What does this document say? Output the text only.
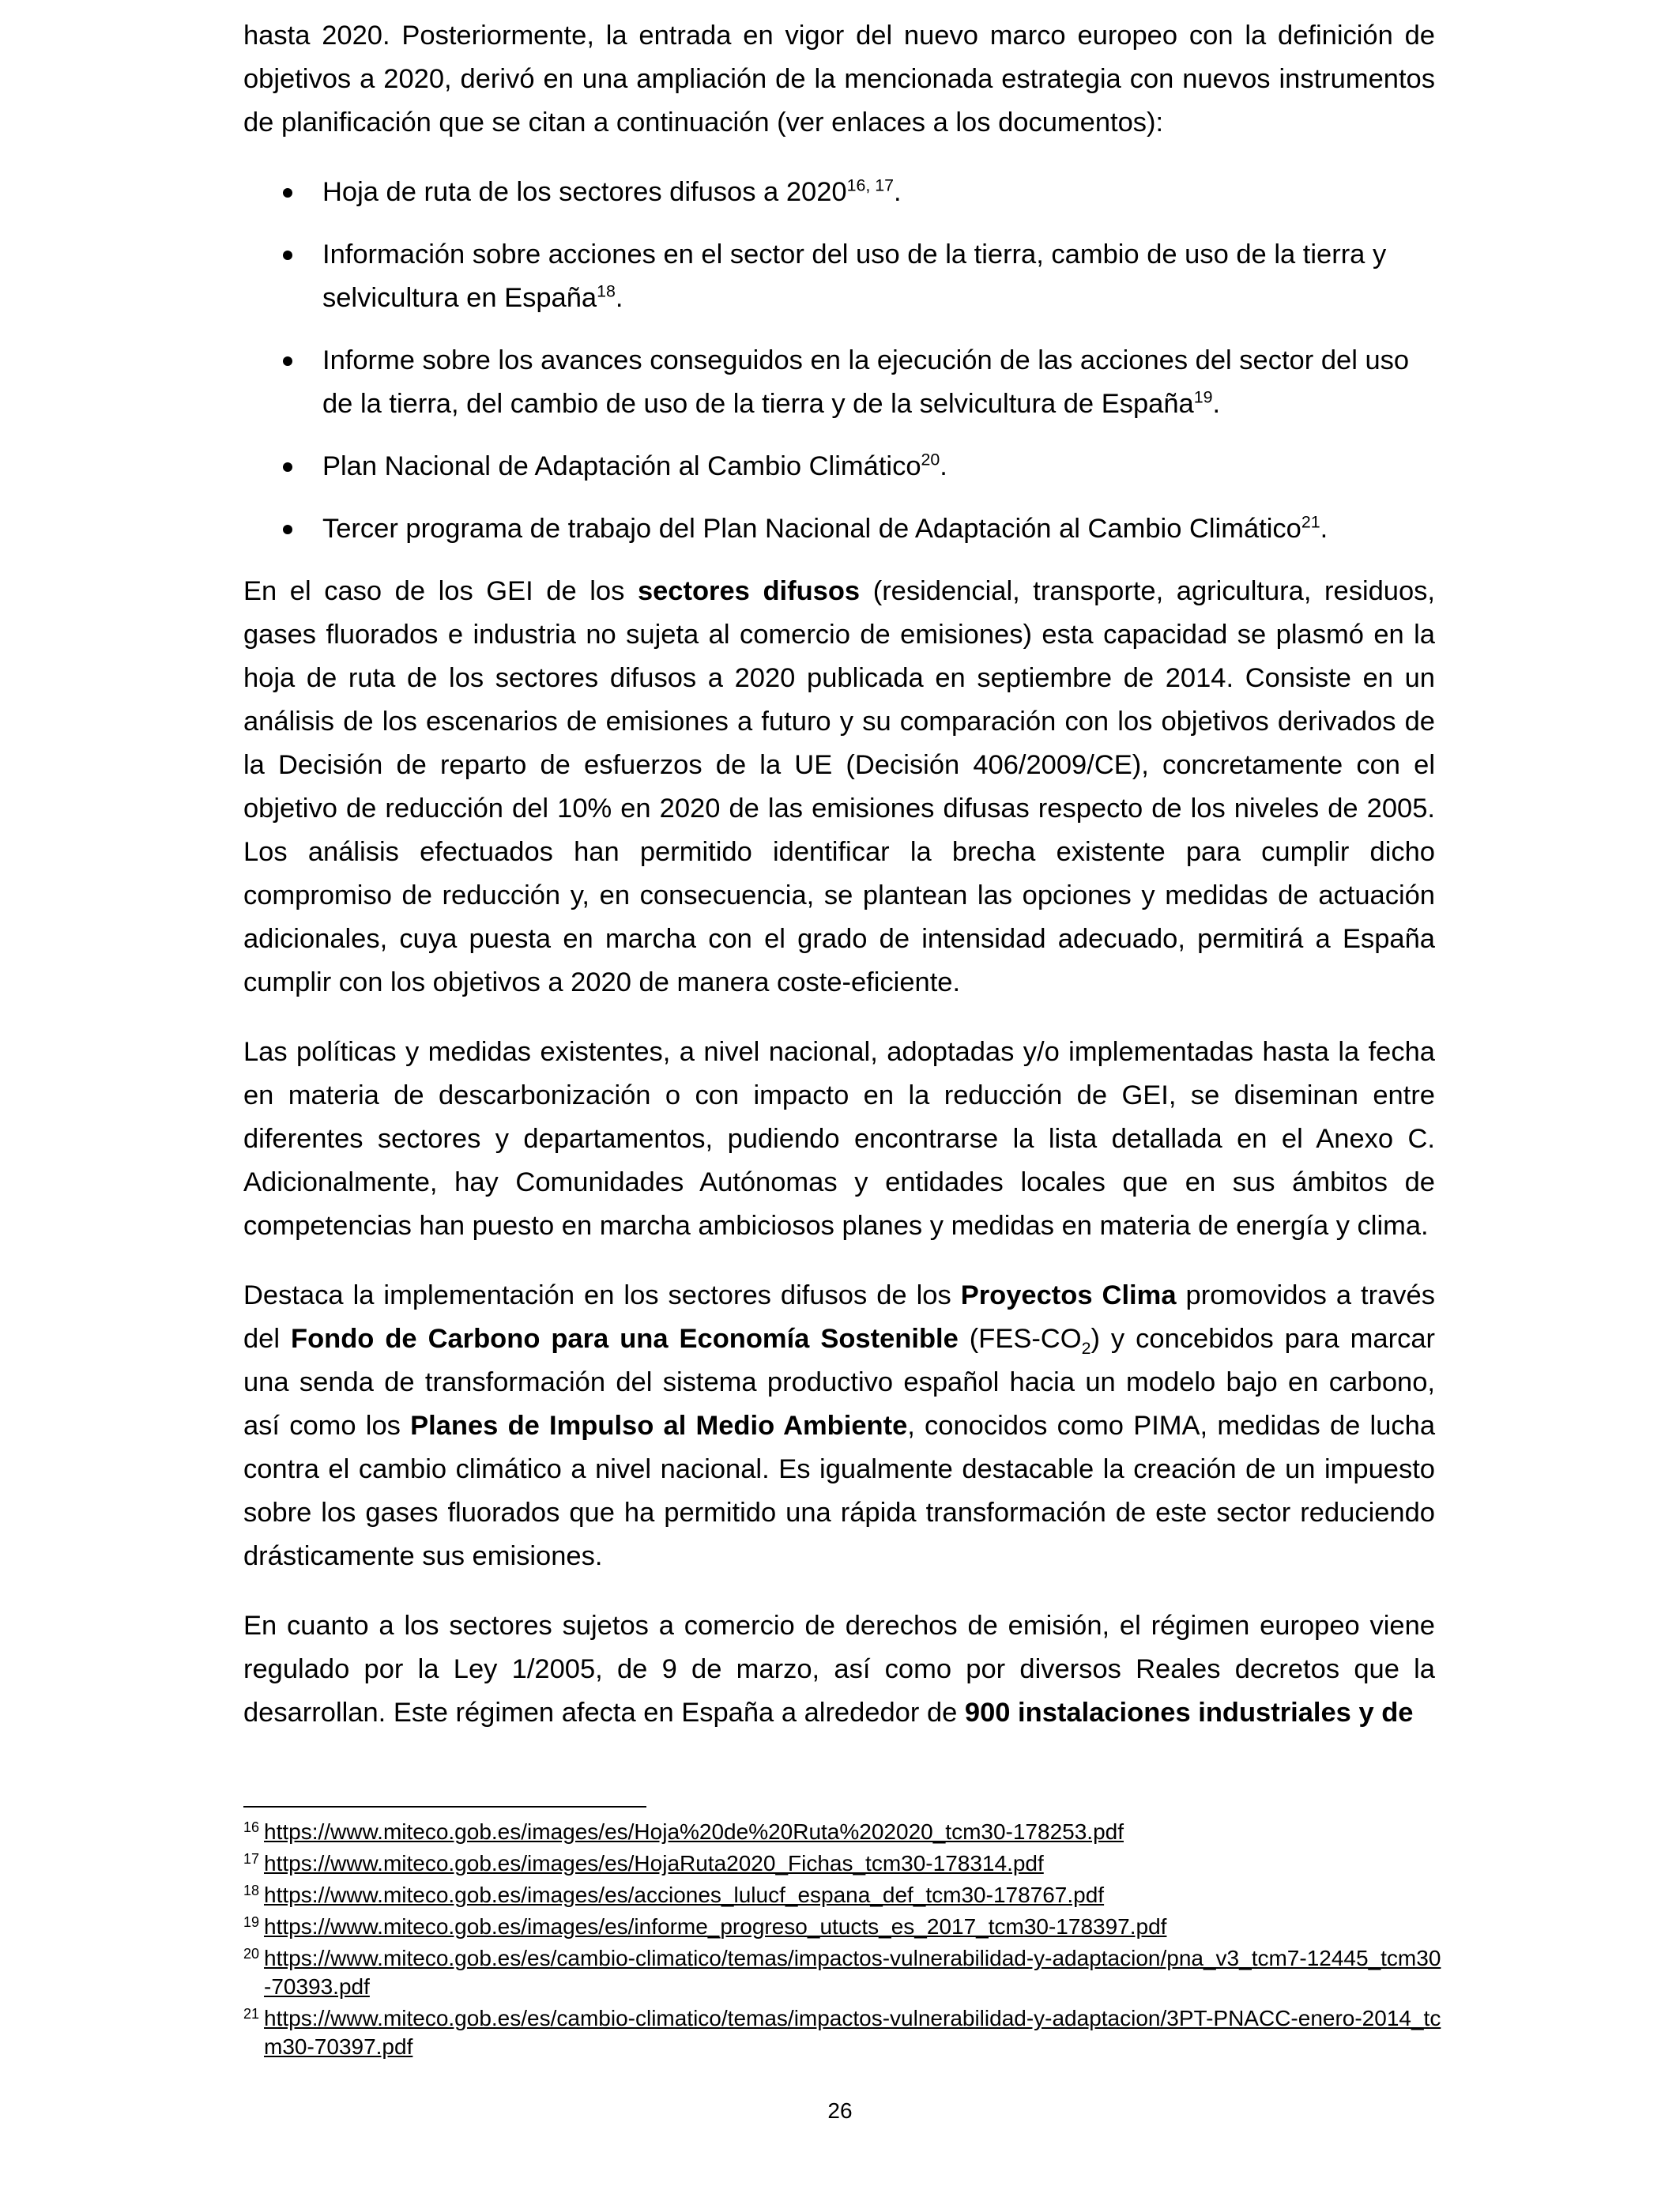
hasta 2020. Posteriormente, la entrada en vigor del nuevo marco europeo con la definición de objetivos a 2020, derivó en una ampliación de la mencionada estrategia con nuevos instrumentos de planificación que se citan a continuación (ver enlaces a los documentos):

Hoja de ruta de los sectores difusos a 2020$^{16, 17}$.
Información sobre acciones en el sector del uso de la tierra, cambio de uso de la tierra y selvicultura en España$^{18}$.
Informe sobre los avances conseguidos en la ejecución de las acciones del sector del uso de la tierra, del cambio de uso de la tierra y de la selvicultura de España$^{19}$.
Plan Nacional de Adaptación al Cambio Climático$^{20}$.
Tercer programa de trabajo del Plan Nacional de Adaptación al Cambio Climático$^{21}$.

En el caso de los GEI de los sectores difusos (residencial, transporte, agricultura, residuos, gases fluorados e industria no sujeta al comercio de emisiones) esta capacidad se plasmó en la hoja de ruta de los sectores difusos a 2020 publicada en septiembre de 2014. Consiste en un análisis de los escenarios de emisiones a futuro y su comparación con los objetivos derivados de la Decisión de reparto de esfuerzos de la UE (Decisión 406/2009/CE), concretamente con el objetivo de reducción del 10% en 2020 de las emisiones difusas respecto de los niveles de 2005. Los análisis efectuados han permitido identificar la brecha existente para cumplir dicho compromiso de reducción y, en consecuencia, se plantean las opciones y medidas de actuación adicionales, cuya puesta en marcha con el grado de intensidad adecuado, permitirá a España cumplir con los objetivos a 2020 de manera coste-eficiente.

Las políticas y medidas existentes, a nivel nacional, adoptadas y/o implementadas hasta la fecha en materia de descarbonización o con impacto en la reducción de GEI, se diseminan entre diferentes sectores y departamentos, pudiendo encontrarse la lista detallada en el Anexo C. Adicionalmente, hay Comunidades Autónomas y entidades locales que en sus ámbitos de competencias han puesto en marcha ambiciosos planes y medidas en materia de energía y clima.

Destaca la implementación en los sectores difusos de los Proyectos Clima promovidos a través del Fondo de Carbono para una Economía Sostenible $(FES-CO_2)$ y concebidos para marcar una senda de transformación del sistema productivo español hacia un modelo bajo en carbono, así como los Planes de Impulso al Medio Ambiente, conocidos como PIMA, medidas de lucha contra el cambio climático a nivel nacional. Es igualmente destacable la creación de un impuesto sobre los gases fluorados que ha permitido una rápida transformación de este sector reduciendo drásticamente sus emisiones.

En cuanto a los sectores sujetos a comercio de derechos de emisión, el régimen europeo viene regulado por la Ley 1/2005, de 9 de marzo, así como por diversos Reales decretos que la desarrollan. Este régimen afecta en España a alrededor de 900 instalaciones industriales y de

16 https://www.miteco.gob.es/images/es/Hoja%20de%20Ruta%202020_tcm30-178253.pdf
17 https://www.miteco.gob.es/images/es/HojaRuta2020_Fichas_tcm30-178314.pdf
18 https://www.miteco.gob.es/images/es/acciones_lulucf_espana_def_tcm30-178767.pdf
19 https://www.miteco.gob.es/images/es/informe_progreso_utucts_es_2017_tcm30-178397.pdf
20 https://www.miteco.gob.es/es/cambio-climatico/temas/impactos-vulnerabilidad-y-adaptacion/pna_v3_tcm7-12445_tcm30-70393.pdf
21 https://www.miteco.gob.es/es/cambio-climatico/temas/impactos-vulnerabilidad-y-adaptacion/3PT-PNACC-enero-2014_tcm30-70397.pdf
26
